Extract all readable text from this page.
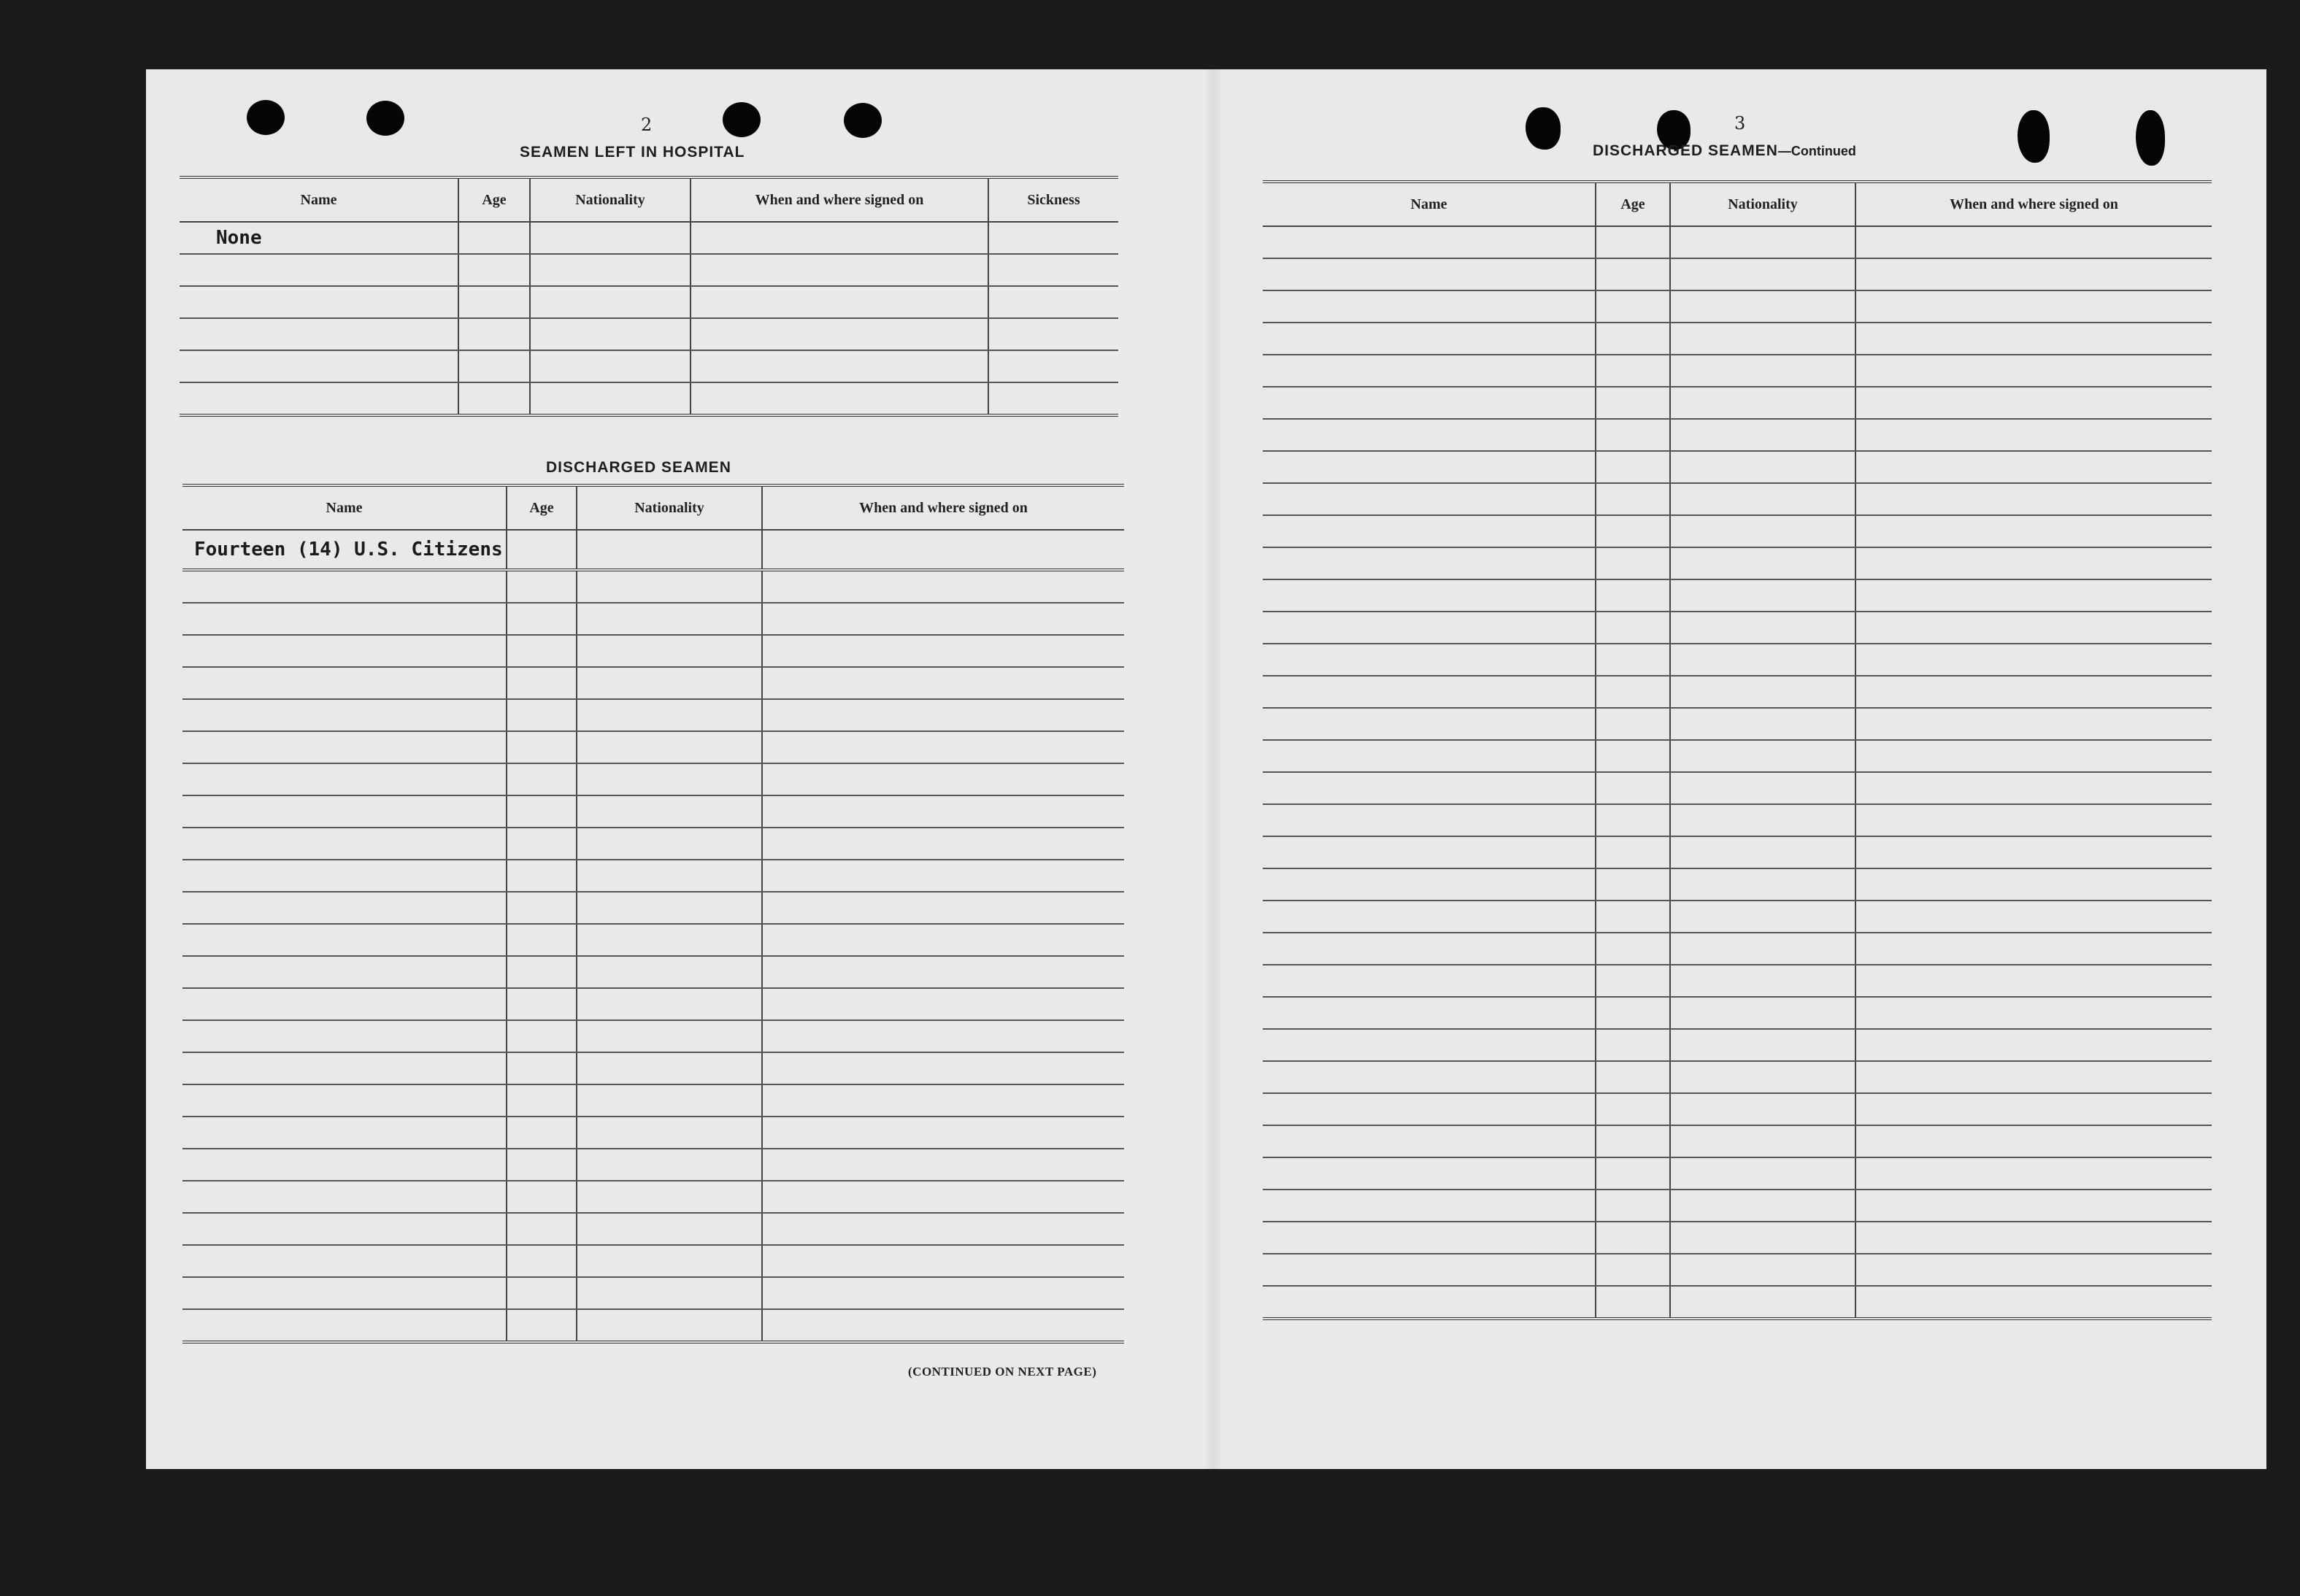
2
SEAMEN LEFT IN HOSPITAL
Name	Age	Nationality	When and where signed on	Sickness
None				

DISCHARGED SEAMEN
Name	Age	Nationality	When and where signed on
Fourteen (14) U.S. Citizens			

(CONTINUED ON NEXT PAGE)
3
DISCHARGED SEAMEN—Continued
Name	Age	Nationality	When and where signed on
